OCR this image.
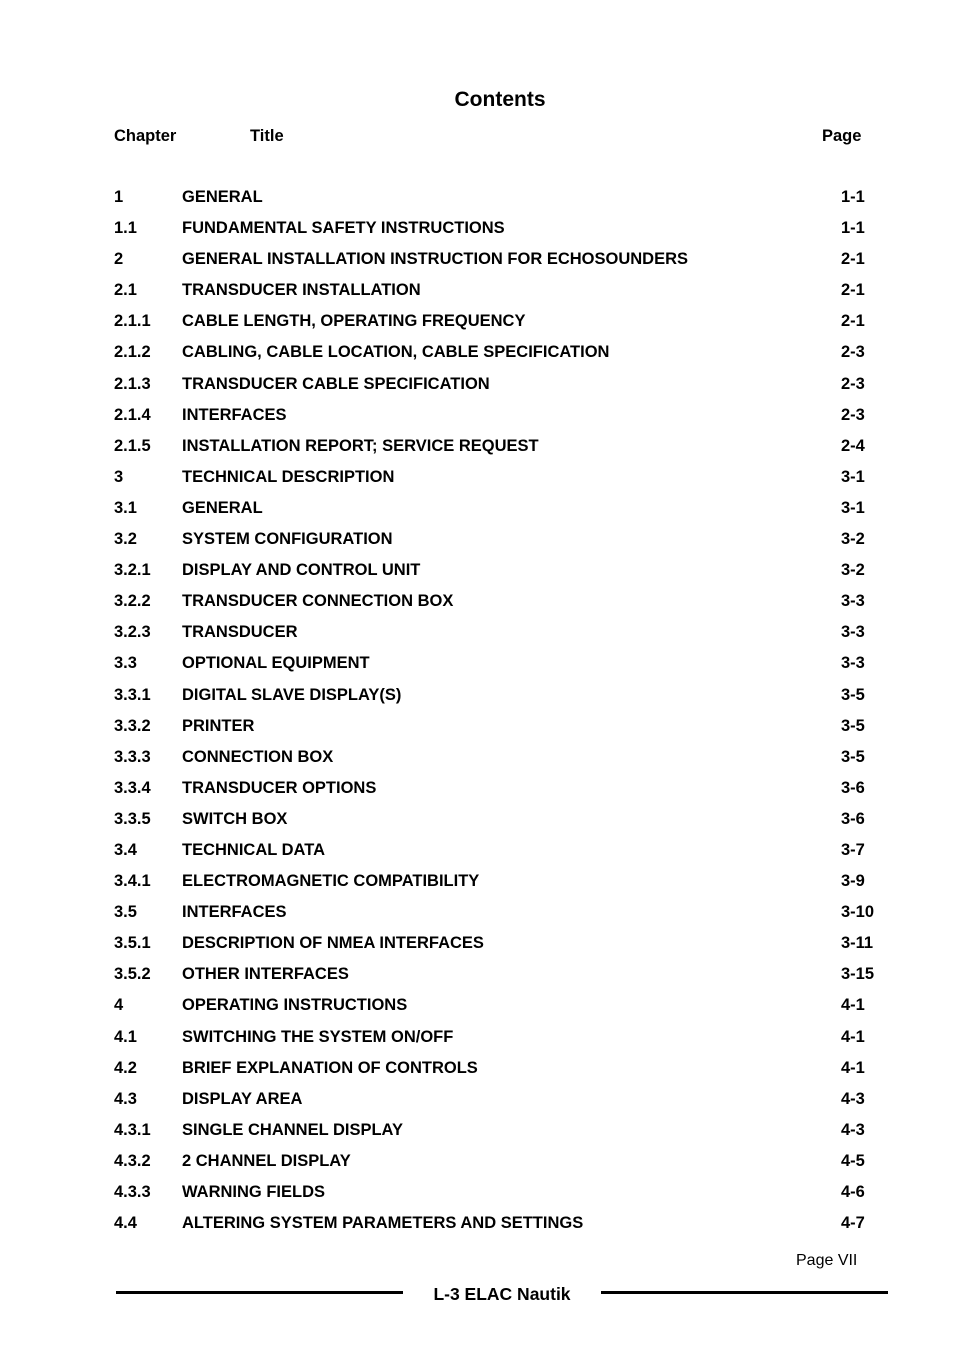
Contents
Chapter	Title	Page
1	GENERAL	1-1
1.1	FUNDAMENTAL SAFETY INSTRUCTIONS	1-1
2	GENERAL INSTALLATION INSTRUCTION FOR ECHOSOUNDERS	2-1
2.1	TRANSDUCER INSTALLATION	2-1
2.1.1 CABLE LENGTH, OPERATING FREQUENCY	2-1
2.1.2 CABLING, CABLE LOCATION, CABLE SPECIFICATION	2-3
2.1.3 TRANSDUCER CABLE SPECIFICATION	2-3
2.1.4 INTERFACES	2-3
2.1.5 INSTALLATION REPORT; SERVICE REQUEST	2-4
3	TECHNICAL DESCRIPTION	3-1
3.1	GENERAL	3-1
3.2	SYSTEM CONFIGURATION	3-2
3.2.1 DISPLAY AND CONTROL UNIT	3-2
3.2.2 TRANSDUCER CONNECTION BOX	3-3
3.2.3 TRANSDUCER	3-3
3.3	OPTIONAL EQUIPMENT	3-3
3.3.1 DIGITAL SLAVE DISPLAY(S)	3-5
3.3.2 PRINTER	3-5
3.3.3 CONNECTION BOX	3-5
3.3.4 TRANSDUCER OPTIONS	3-6
3.3.5 SWITCH BOX	3-6
3.4	TECHNICAL DATA	3-7
3.4.1 ELECTROMAGNETIC COMPATIBILITY	3-9
3.5	INTERFACES	3-10
3.5.1 DESCRIPTION OF NMEA INTERFACES	3-11
3.5.2 OTHER INTERFACES	3-15
4	OPERATING INSTRUCTIONS	4-1
4.1	SWITCHING THE SYSTEM ON/OFF	4-1
4.2	BRIEF EXPLANATION OF CONTROLS	4-1
4.3	DISPLAY AREA	4-3
4.3.1 SINGLE CHANNEL DISPLAY	4-3
4.3.2 2 CHANNEL DISPLAY	4-5
4.3.3 WARNING FIELDS	4-6
4.4	ALTERING SYSTEM PARAMETERS AND SETTINGS	4-7
Page VII
L-3 ELAC Nautik
